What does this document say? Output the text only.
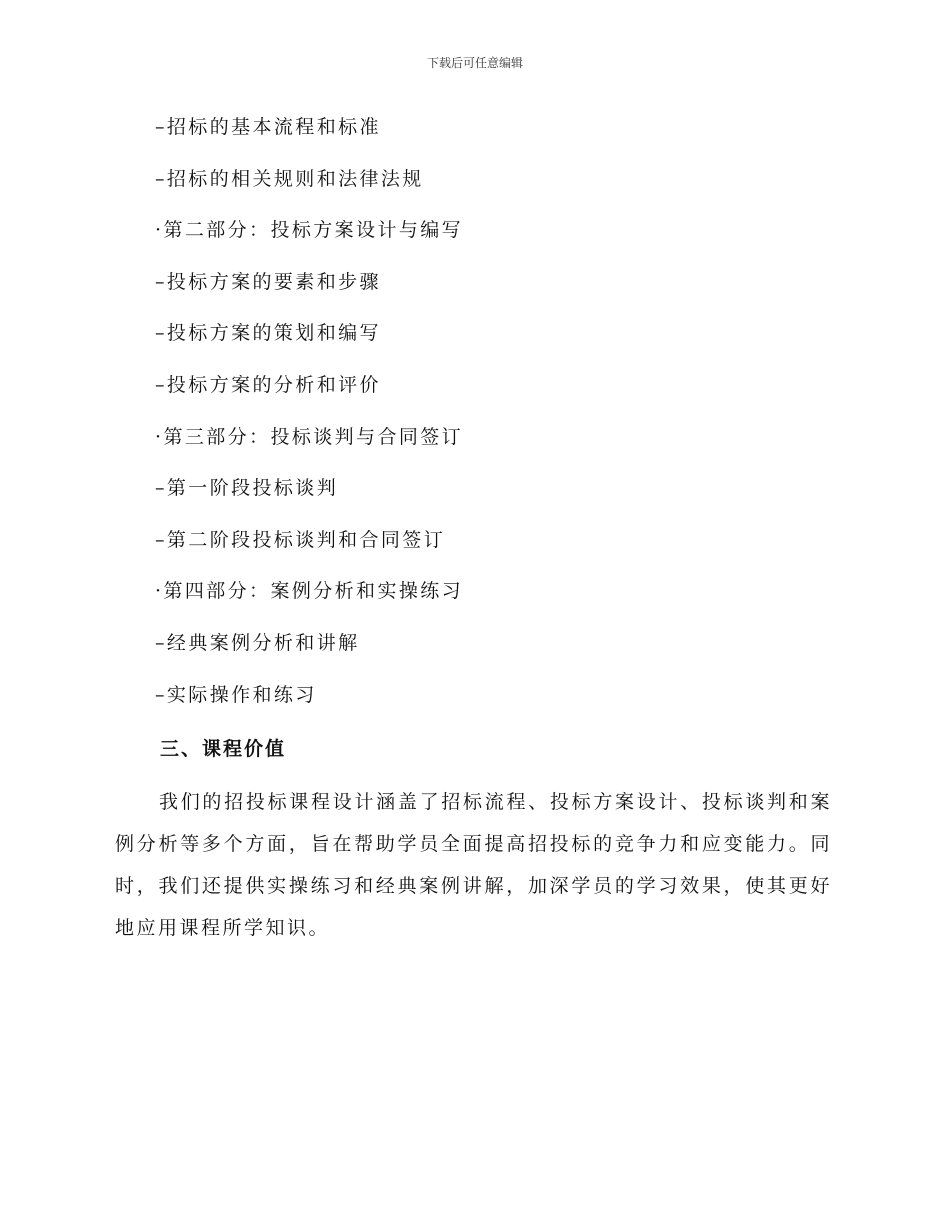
下载后可任意编辑
–招标的基本流程和标准
–招标的相关规则和法律法规
·第二部分：投标方案设计与编写
–投标方案的要素和步骤
–投标方案的策划和编写
–投标方案的分析和评价
·第三部分：投标谈判与合同签订
–第一阶段投标谈判
–第二阶段投标谈判和合同签订
·第四部分：案例分析和实操练习
–经典案例分析和讲解
–实际操作和练习
三、课程价值

我们的招投标课程设计涵盖了招标流程、投标方案设计、投标谈判和案例分析等多个方面，旨在帮助学员全面提高招投标的竞争力和应变能力。同时，我们还提供实操练习和经典案例讲解，加深学员的学习效果，使其更好地应用课程所学知识。
